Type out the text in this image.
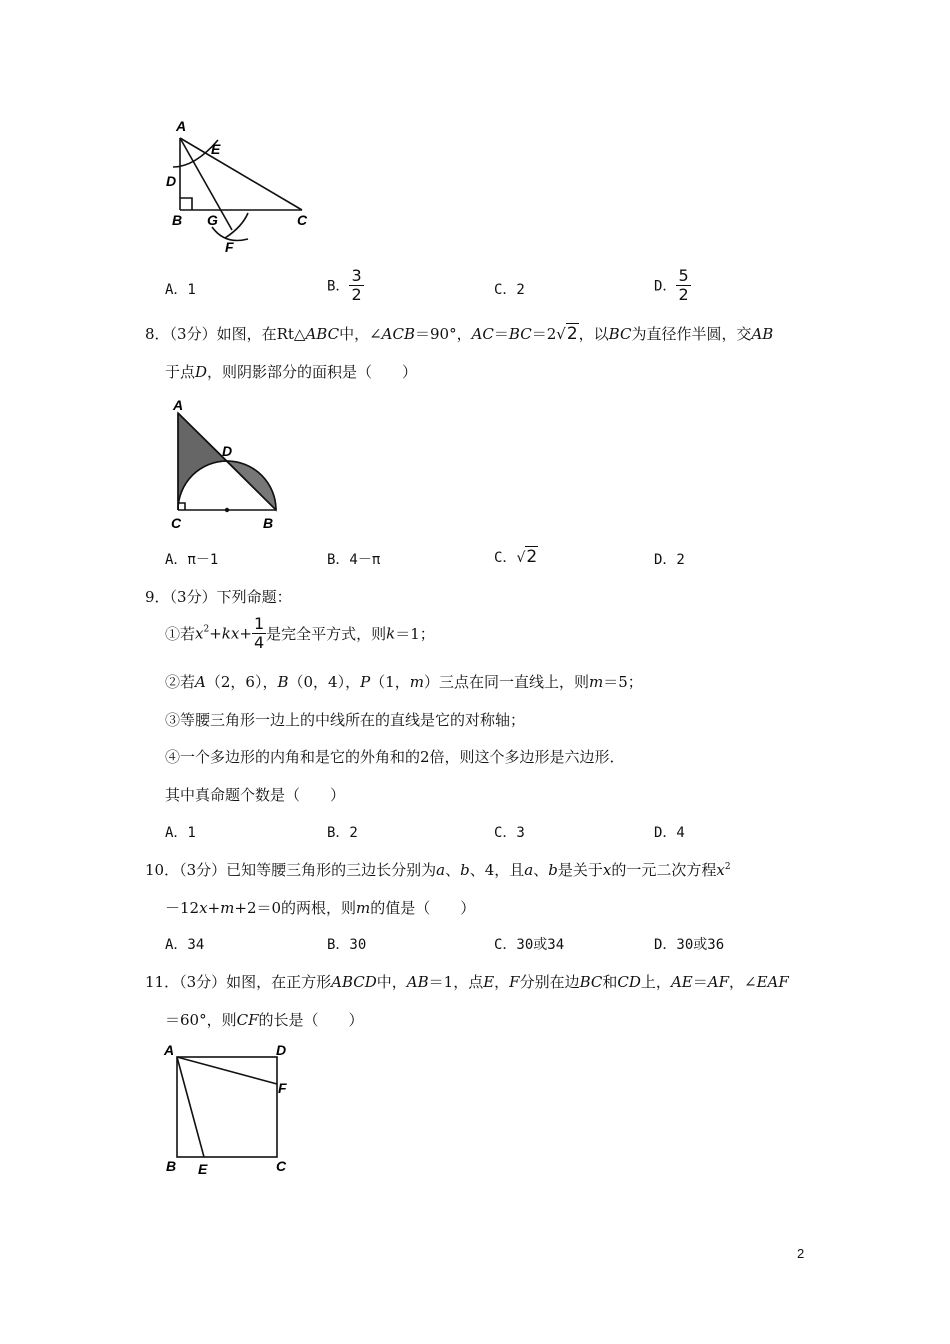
A
E
D
B G	C
F
A．1	B． $\frac{3}{2}$	C．2	D． $\frac{5}{2}$
8．（3分）如图，在Rt△ABC中，∠ACB＝90°，AC＝BC＝2√2，以BC为直径作半圆，交AB
于点D，则阴影部分的面积是（　　）
A
D
C	B
A．π－1	B．4－π	C．√2	D．2
9．（3分）下列命题：
①若$x^2+kx+ \frac{1}{4}$ 是完全平方式，则k＝1；
②若A（2，6），B（0，4），P（1，m）三点在同一直线上，则m＝5；
③等腰三角形一边上的中线所在的直线是它的对称轴；
④一个多边形的内角和是它的外角和的2倍，则这个多边形是六边形．
其中真命题个数是（　　）
A．1	B．2	C．3	D．4
10．（3分）已知等腰三角形的三边长分别为a、b、4，且a、b是关于x的一元二次方程$x^2$
－12x+m+2＝0的两根，则m的值是（　　）
A．34	B．30	C．30或34	D．30或36
11．（3分）如图，在正方形ABCD中，AB＝1，点E，F分别在边BC和CD上，AE＝AF，∠EAF
＝60°，则CF的长是（　　）
A	D
F
B E	C
2
